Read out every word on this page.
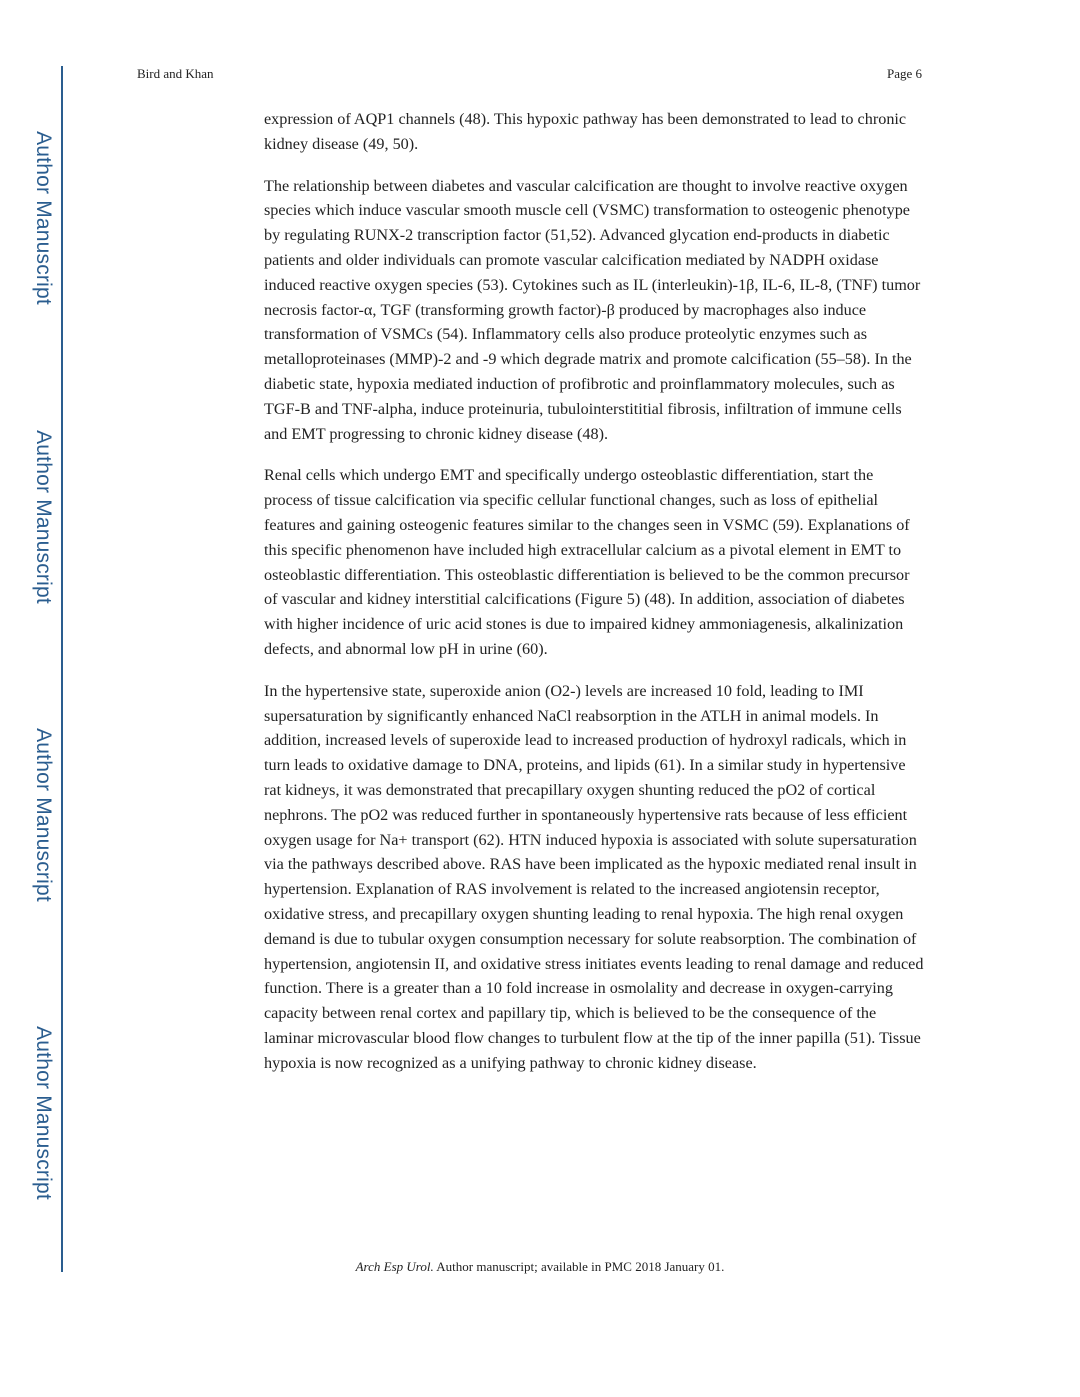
Author Manuscript
Author Manuscript
Author Manuscript
Author Manuscript
Bird and Khan	Page 6

expression of AQP1 channels (48). This hypoxic pathway has been demonstrated to lead to chronic kidney disease (49, 50).

The relationship between diabetes and vascular calcification are thought to involve reactive oxygen species which induce vascular smooth muscle cell (VSMC) transformation to osteogenic phenotype by regulating RUNX-2 transcription factor (51,52). Advanced glycation end-products in diabetic patients and older individuals can promote vascular calcification mediated by NADPH oxidase induced reactive oxygen species (53). Cytokines such as IL (interleukin)-1β, IL-6, IL-8, (TNF) tumor necrosis factor-α, TGF (transforming growth factor)-β produced by macrophages also induce transformation of VSMCs (54). Inflammatory cells also produce proteolytic enzymes such as metalloproteinases (MMP)-2 and -9 which degrade matrix and promote calcification (55–58). In the diabetic state, hypoxia mediated induction of profibrotic and proinflammatory molecules, such as TGF-B and TNF-alpha, induce proteinuria, tubulointerstititial fibrosis, infiltration of immune cells and EMT progressing to chronic kidney disease (48).

Renal cells which undergo EMT and specifically undergo osteoblastic differentiation, start the process of tissue calcification via specific cellular functional changes, such as loss of epithelial features and gaining osteogenic features similar to the changes seen in VSMC (59). Explanations of this specific phenomenon have included high extracellular calcium as a pivotal element in EMT to osteoblastic differentiation. This osteoblastic differentiation is believed to be the common precursor of vascular and kidney interstitial calcifications (Figure 5) (48). In addition, association of diabetes with higher incidence of uric acid stones is due to impaired kidney ammoniagenesis, alkalinization defects, and abnormal low pH in urine (60).

In the hypertensive state, superoxide anion (O2-) levels are increased 10 fold, leading to IMI supersaturation by significantly enhanced NaCl reabsorption in the ATLH in animal models. In addition, increased levels of superoxide lead to increased production of hydroxyl radicals, which in turn leads to oxidative damage to DNA, proteins, and lipids (61). In a similar study in hypertensive rat kidneys, it was demonstrated that precapillary oxygen shunting reduced the pO2 of cortical nephrons. The pO2 was reduced further in spontaneously hypertensive rats because of less efficient oxygen usage for Na+ transport (62). HTN induced hypoxia is associated with solute supersaturation via the pathways described above. RAS have been implicated as the hypoxic mediated renal insult in hypertension. Explanation of RAS involvement is related to the increased angiotensin receptor, oxidative stress, and precapillary oxygen shunting leading to renal hypoxia. The high renal oxygen demand is due to tubular oxygen consumption necessary for solute reabsorption. The combination of hypertension, angiotensin II, and oxidative stress initiates events leading to renal damage and reduced function. There is a greater than a 10 fold increase in osmolality and decrease in oxygen-carrying capacity between renal cortex and papillary tip, which is believed to be the consequence of the laminar microvascular blood flow changes to turbulent flow at the tip of the inner papilla (51). Tissue hypoxia is now recognized as a unifying pathway to chronic kidney disease.

Arch Esp Urol. Author manuscript; available in PMC 2018 January 01.
